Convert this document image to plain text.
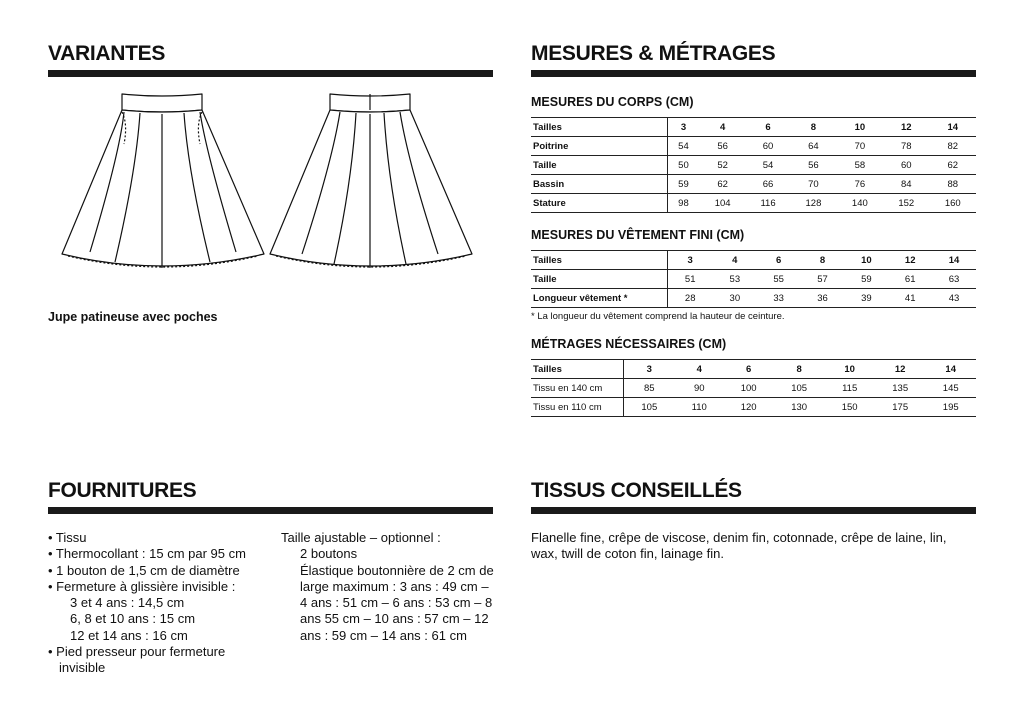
VARIANTES
Jupe patineuse avec poches
MESURES & MÉTRAGES
MESURES DU CORPS (CM)
Tailles	3	4	6	8	10	12	14
Poitrine	54	56	60	64	70	78	82
Taille	50	52	54	56	58	60	62
Bassin	59	62	66	70	76	84	88
Stature	98	104	116	128	140	152	160
MESURES DU VÊTEMENT FINI (CM)
Tailles	3	4	6	8	10	12	14
Taille	51	53	55	57	59	61	63
Longueur vêtement *	28	30	33	36	39	41	43
* La longueur du vêtement comprend la hauteur de ceinture.
MÉTRAGES NÉCESSAIRES (CM)
Tailles	3	4	6	8	10	12	14
Tissu en 140 cm	85	90	100	105	115	135	145
Tissu en 110 cm	105	110	120	130	150	175	195
FOURNITURES
• Tissu
• Thermocollant : 15 cm par 95 cm
• 1 bouton de 1,5 cm de diamètre
• Fermeture à glissière invisible :
3 et 4 ans : 14,5 cm
6, 8 et 10 ans : 15 cm
12 et 14 ans : 16 cm
• Pied presseur pour fermeture
invisible
Taille ajustable – optionnel :
2 boutons
Élastique boutonnière de 2 cm de
large maximum : 3 ans : 49 cm –
4 ans : 51 cm – 6 ans : 53 cm – 8
ans 55 cm – 10 ans : 57 cm – 12
ans : 59 cm – 14 ans : 61 cm
TISSUS CONSEILLÉS
Flanelle fine, crêpe de viscose, denim fin, cotonnade, crêpe de laine, lin,
wax, twill de coton fin, lainage fin.
